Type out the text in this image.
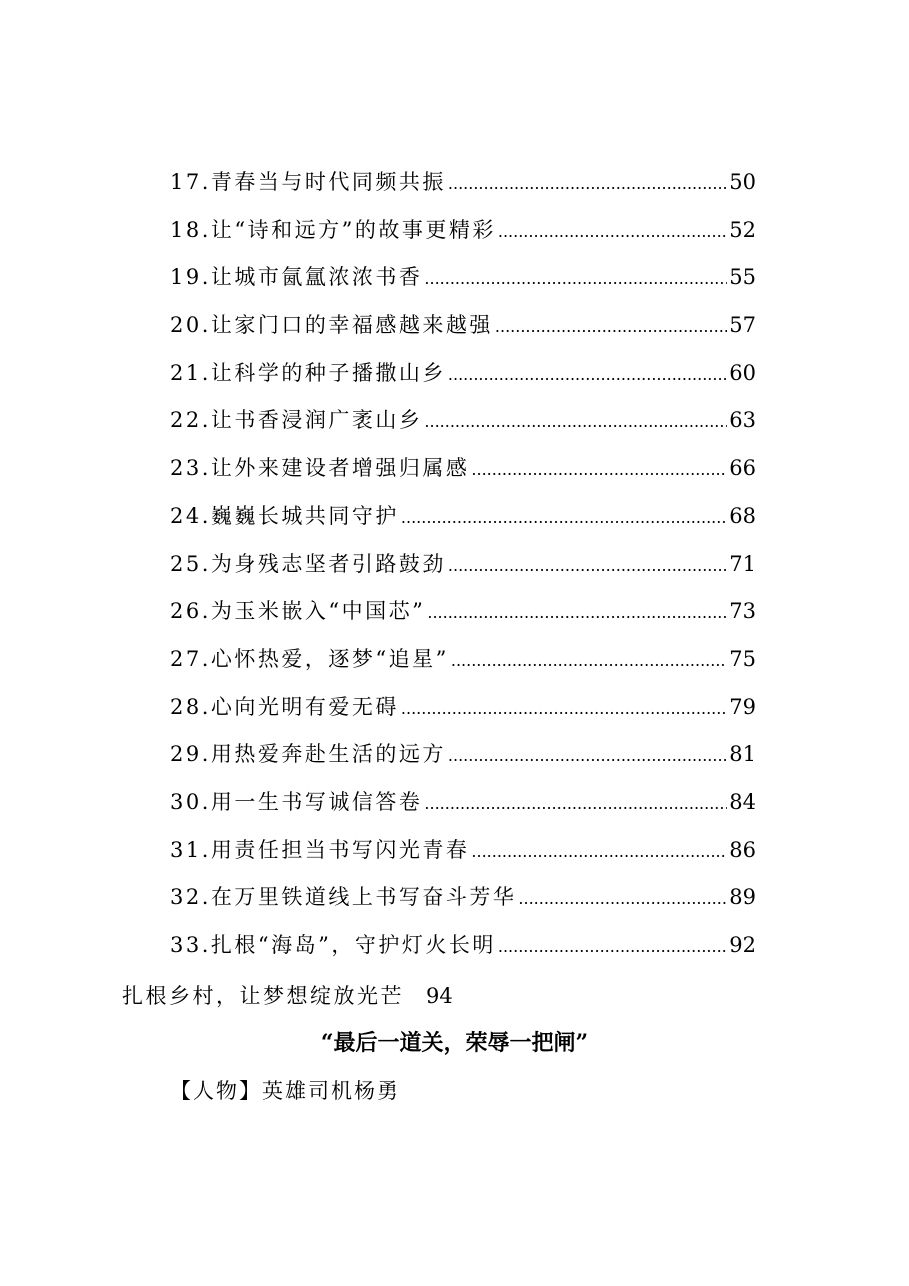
17.青春当与时代同频共振 .....	50
18.让“诗和远方”的故事更精彩 .....	52
19.让城市氤氲浓浓书香 .....	55
20.让家门口的幸福感越来越强 .....	57
21.让科学的种子播撒山乡 .....	60
22.让书香浸润广袤山乡 .....	63
23.让外来建设者增强归属感 .....	66
24.巍巍长城共同守护 .....	68
25.为身残志坚者引路鼓劲 .....	71
26.为玉米嵌入“中国芯” .....	73
27.心怀热爱，逐梦“追星” .....	75
28.心向光明有爱无碍 .....	79
29.用热爱奔赴生活的远方 .....	81
30.用一生书写诚信答卷 .....	84
31.用责任担当书写闪光青春 .....	86
32.在万里铁道线上书写奋斗芳华 .....	89
33.扎根“海岛”，守护灯火长明 .....	92
扎根乡村，让梦想绽放光芒 94
“最后一道关，荣辱一把闸”
【人物】英雄司机杨勇
